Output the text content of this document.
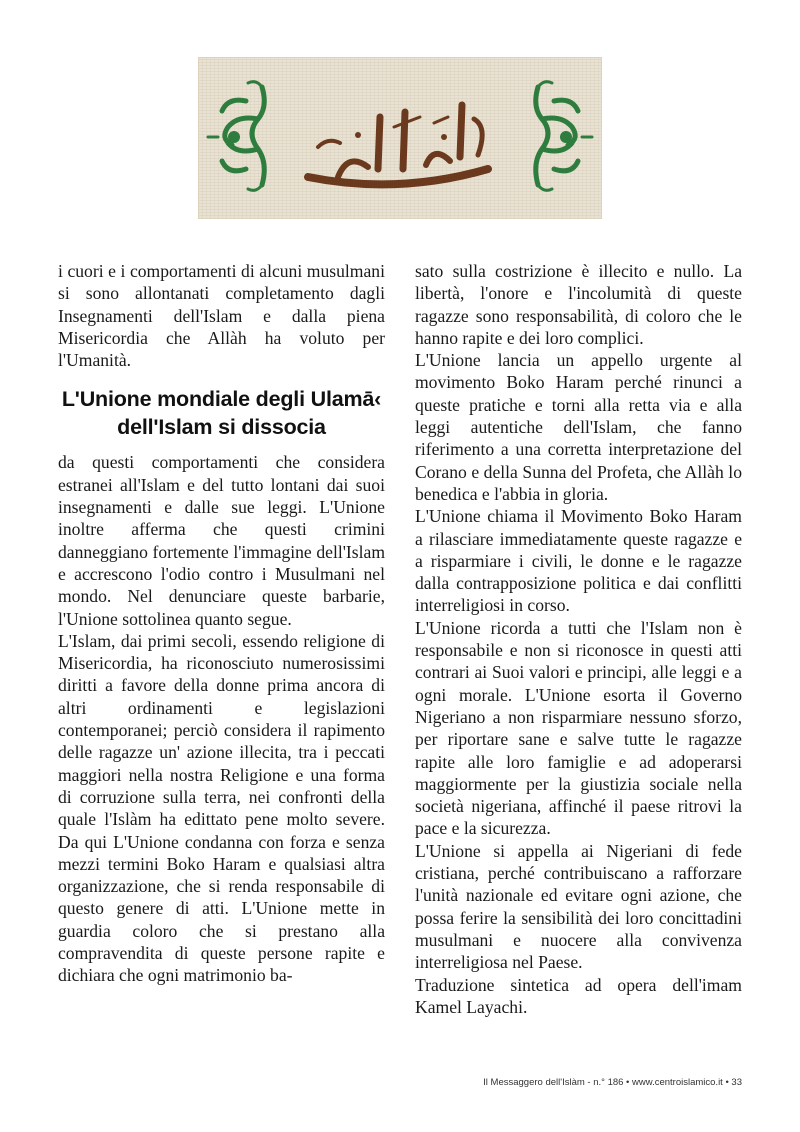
i cuori e i comportamenti di alcuni musulmani si sono allontanati completamento dagli Insegnamenti dell'Islam e dalla piena Misericordia che Allàh ha voluto per l'Umanità.

L'Unione mondiale degli Ulamā‹ dell'Islam si dissocia

da questi comportamenti che considera estranei all'Islam e del tutto lontani dai suoi insegnamenti e dalle sue leggi. L'Unione inoltre afferma che questi crimini danneggiano fortemente l'immagine dell'Islam e accrescono l'odio contro i Musulmani nel mondo. Nel denunciare queste barbarie, l'Unione sottolinea quanto segue.

L'Islam, dai primi secoli, essendo religione di Misericordia, ha riconosciuto numerosissimi diritti a favore della donne prima ancora di altri ordinamenti e legislazioni contemporanei; perciò considera il rapimento delle ragazze un' azione illecita, tra i peccati maggiori nella nostra Religione e una forma di corruzione sulla terra, nei confronti della quale l'Islàm ha edittato pene molto severe. Da qui L'Unione condanna con forza e senza mezzi termini Boko Haram e qualsiasi altra organizzazione, che si renda responsabile di questo genere di atti. L'Unione mette in guardia coloro che si prestano alla compravendita di queste persone rapite e dichiara che ogni matrimonio ba-

sato sulla costrizione è illecito e nullo. La libertà, l'onore e l'incolumità di queste ragazze sono responsabilità, di coloro che le hanno rapite e dei loro complici.

L'Unione lancia un appello urgente al movimento Boko Haram perché rinunci a queste pratiche e torni alla retta via e alla leggi autentiche dell'Islam, che fanno riferimento a una corretta interpretazione del Corano e della Sunna del Profeta, che Allàh lo benedica e l'abbia in gloria.

L'Unione chiama il Movimento Boko Haram a rilasciare immediatamente queste ragazze e a risparmiare i civili, le donne e le ragazze dalla contrapposizione politica e dai conflitti interreligiosi in corso.

L'Unione ricorda a tutti che l'Islam non è responsabile e non si riconosce in questi atti contrari ai Suoi valori e principi, alle leggi e a ogni morale. L'Unione esorta il Governo Nigeriano a non risparmiare nessuno sforzo, per riportare sane e salve tutte le ragazze rapite alle loro famiglie e ad adoperarsi maggiormente per la giustizia sociale nella società nigeriana, affinché il paese ritrovi la pace e la sicurezza.

L'Unione si appella ai Nigeriani di fede cristiana, perché contribuiscano a rafforzare l'unità nazionale ed evitare ogni azione, che possa ferire la sensibilità dei loro concittadini musulmani e nuocere alla convivenza interreligiosa nel Paese.

Traduzione sintetica ad opera dell'imam Kamel Layachi.

Il Messaggero dell'Islàm - n.° 186 • www.centroislamico.it • 33
